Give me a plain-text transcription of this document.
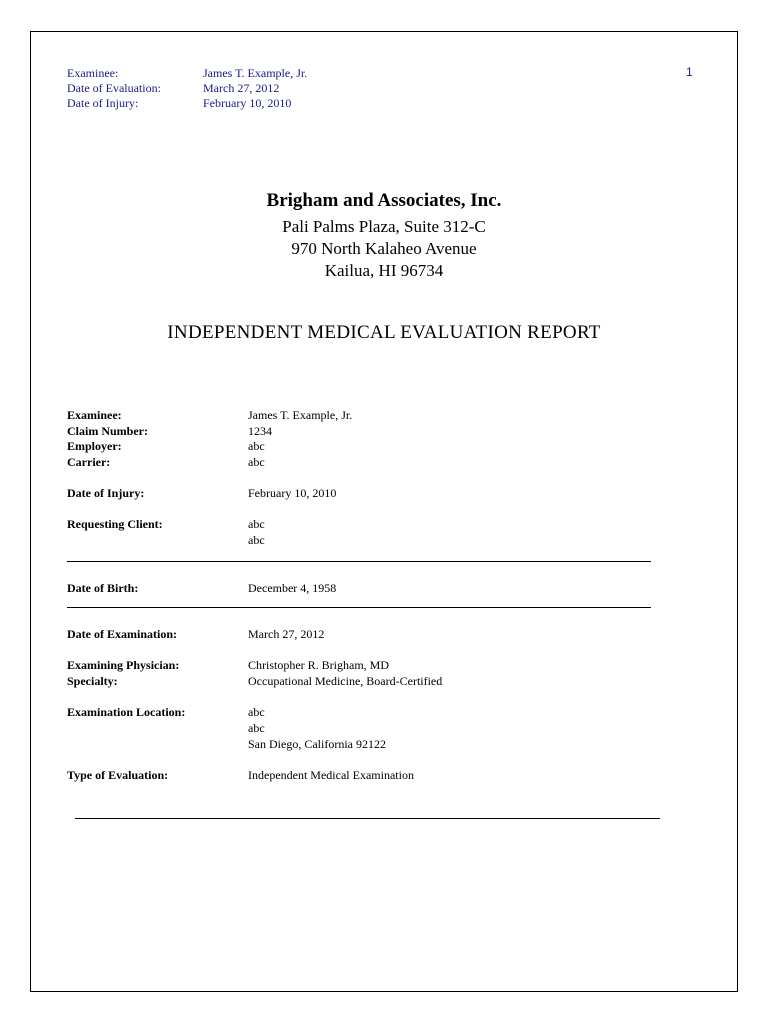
Examinee:	James T. Example, Jr.
Date of Evaluation:	March 27, 2012
Date of Injury:	February 10, 2010
1
Brigham and Associates, Inc.
Pali Palms Plaza, Suite 312-C
970 North Kalaheo Avenue
Kailua, HI 96734
INDEPENDENT MEDICAL EVALUATION REPORT
Examinee:	James T. Example, Jr.
Claim Number:	1234
Employer:	abc
Carrier:	abc
Date of Injury:	February 10, 2010
Requesting Client:	abc
abc
Date of Birth:	December 4, 1958
Date of Examination:	March 27, 2012
Examining Physician:	Christopher R. Brigham, MD
Specialty:	Occupational Medicine, Board-Certified
Examination Location:	abc
abc
San Diego, California 92122
Type of Evaluation:	Independent Medical Examination
